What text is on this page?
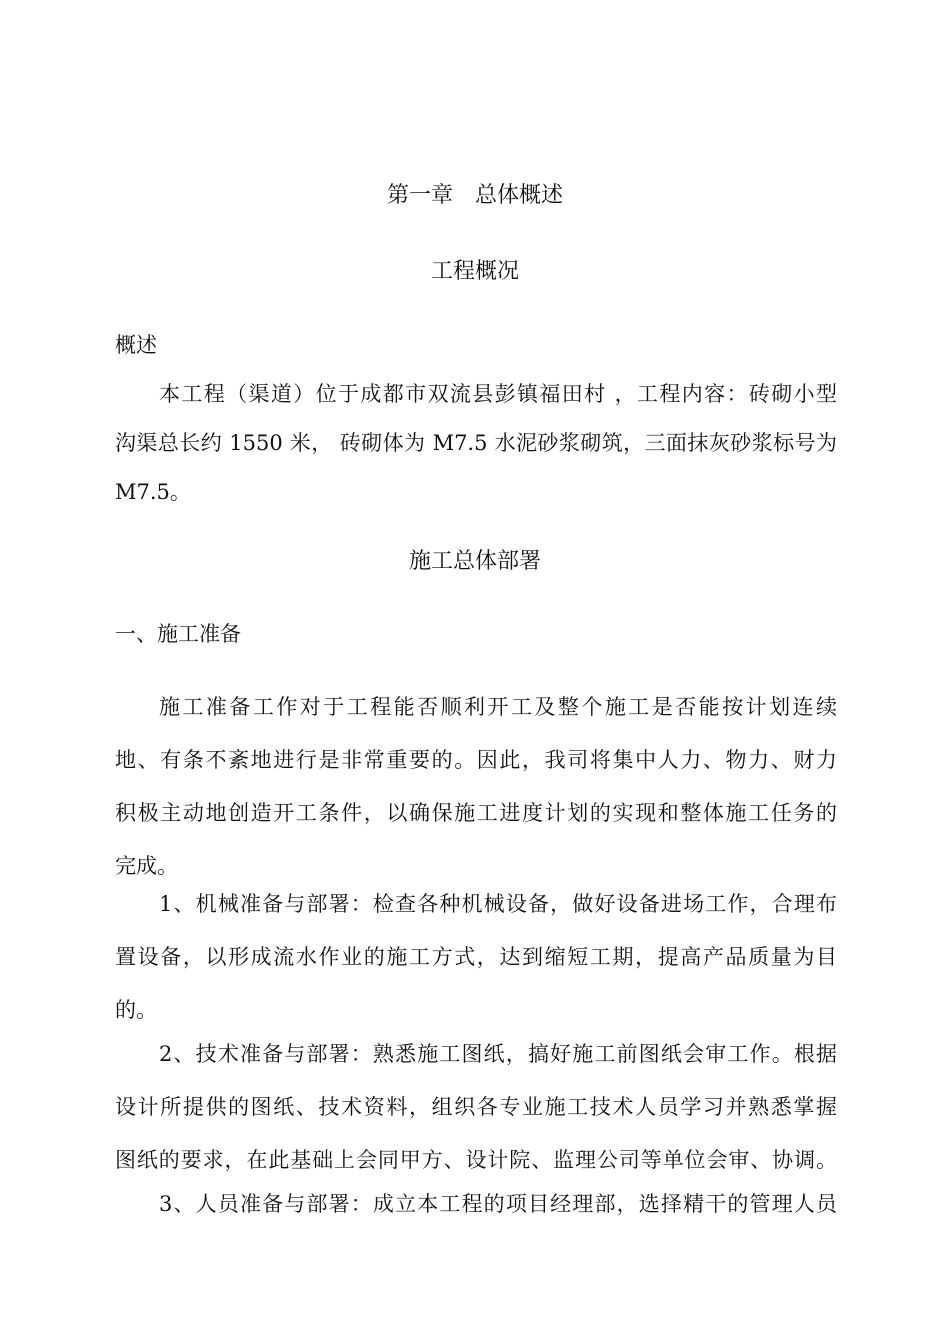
第一章　总体概述
工程概况
概述
本工程（渠道）位于成都市双流县彭镇福田村 ，工程内容：砖砌小型
沟渠总长约 1550 米， 砖砌体为 M7.5 水泥砂浆砌筑，三面抹灰砂浆标号为
M7.5。
施工总体部署
一、施工准备
施工准备工作对于工程能否顺利开工及整个施工是否能按计划连续
地、有条不紊地进行是非常重要的。因此，我司将集中人力、物力、财力
积极主动地创造开工条件，以确保施工进度计划的实现和整体施工任务的
完成。
1、机械准备与部署：检查各种机械设备，做好设备进场工作，合理布
置设备，以形成流水作业的施工方式，达到缩短工期，提高产品质量为目
的。
2、技术准备与部署：熟悉施工图纸，搞好施工前图纸会审工作。根据
设计所提供的图纸、技术资料，组织各专业施工技术人员学习并熟悉掌握
图纸的要求，在此基础上会同甲方、设计院、监理公司等单位会审、协调。
3、人员准备与部署：成立本工程的项目经理部，选择精干的管理人员
